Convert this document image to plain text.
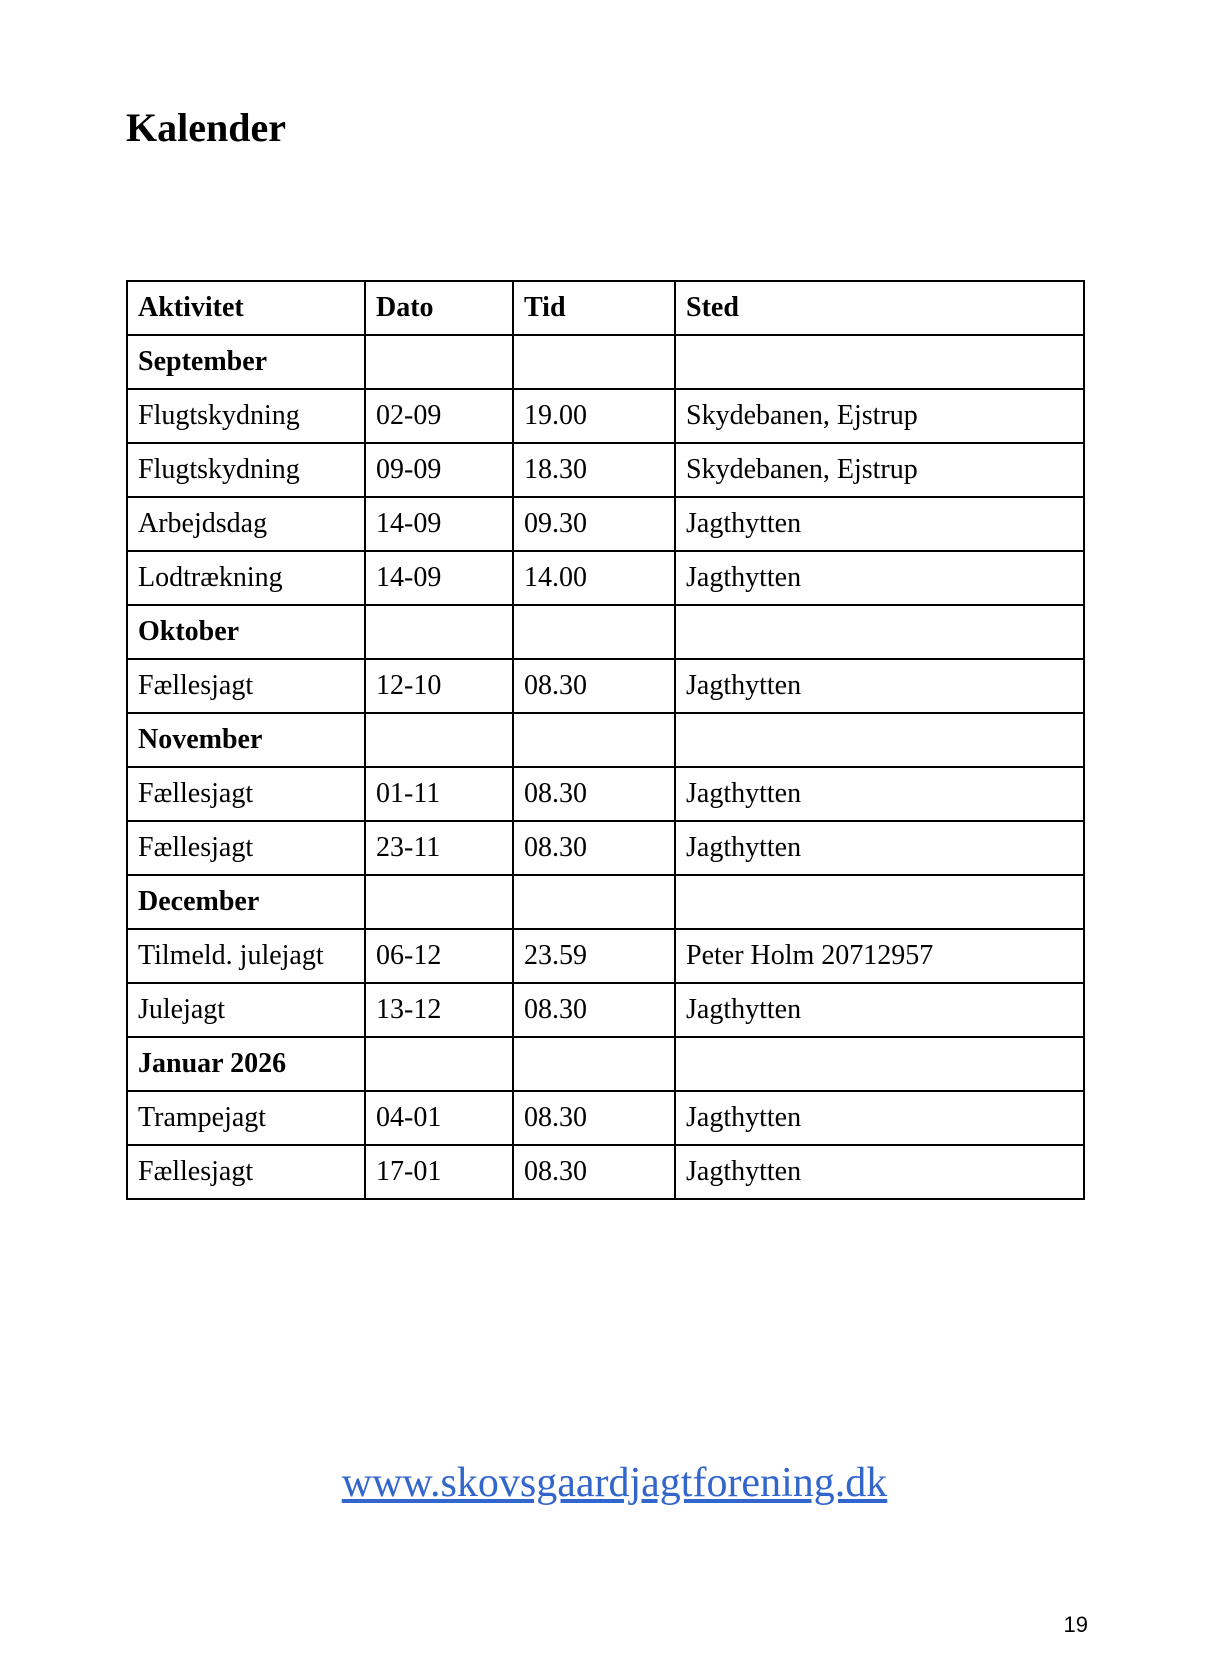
Kalender
Aktivitet	Dato	Tid	Sted
September			
Flugtskydning	02-09	19.00	Skydebanen, Ejstrup
Flugtskydning	09-09	18.30	Skydebanen, Ejstrup
Arbejdsdag	14-09	09.30	Jagthytten
Lodtrækning	14-09	14.00	Jagthytten
Oktober			
Fællesjagt	12-10	08.30	Jagthytten
November			
Fællesjagt	01-11	08.30	Jagthytten
Fællesjagt	23-11	08.30	Jagthytten
December			
Tilmeld. julejagt	06-12	23.59	Peter Holm 20712957
Julejagt	13-12	08.30	Jagthytten
Januar 2026			
Trampejagt	04-01	08.30	Jagthytten
Fællesjagt	17-01	08.30	Jagthytten
www.skovsgaardjagtforening.dk
19
